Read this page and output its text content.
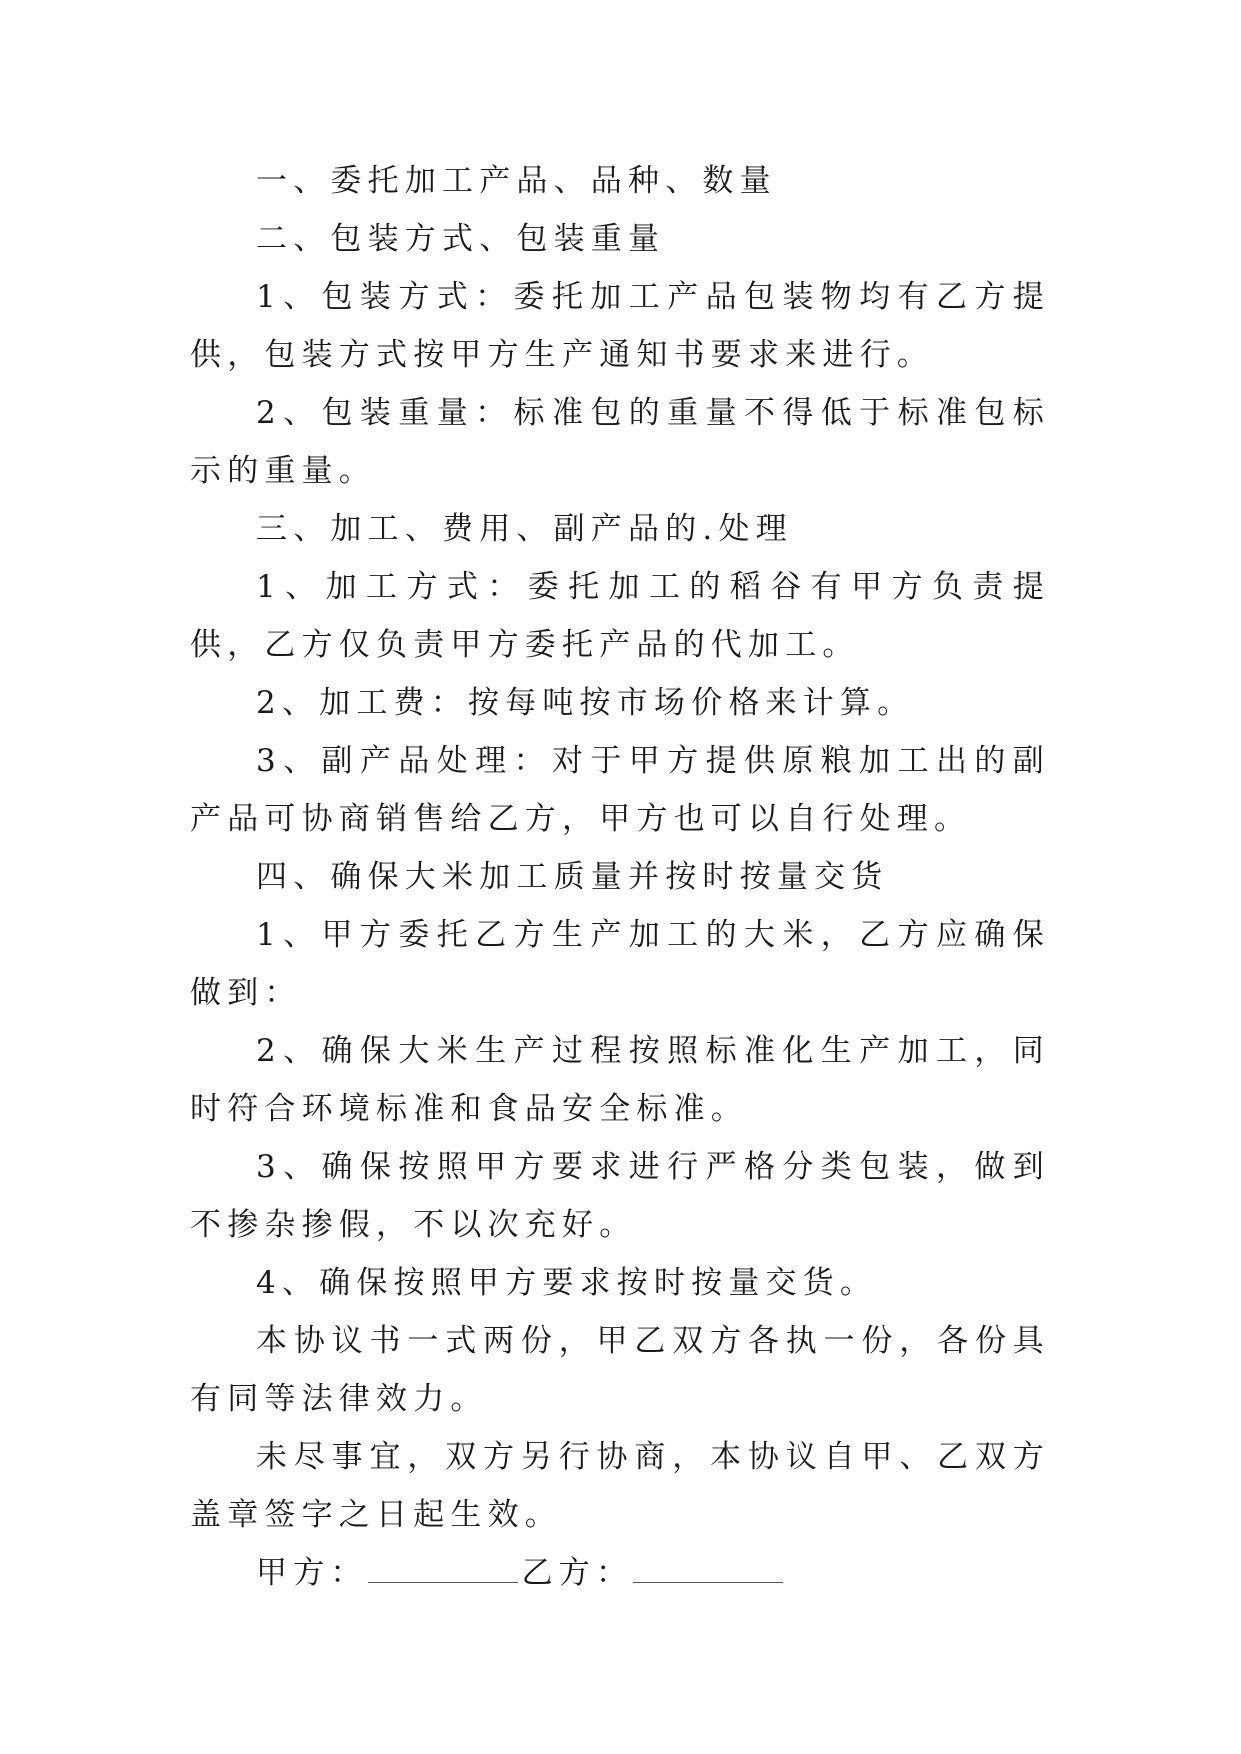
一、委托加工产品、品种、数量

二、包装方式、包装重量

1、包装方式：委托加工产品包装物均有乙方提供，包装方式按甲方生产通知书要求来进行。

2、包装重量：标准包的重量不得低于标准包标示的重量。

三、加工、费用、副产品的.处理

1、加工方式：委托加工的稻谷有甲方负责提供，乙方仅负责甲方委托产品的代加工。

2、加工费：按每吨按市场价格来计算。

3、副产品处理：对于甲方提供原粮加工出的副产品可协商销售给乙方，甲方也可以自行处理。

四、确保大米加工质量并按时按量交货

1、甲方委托乙方生产加工的大米，乙方应确保做到：

2、确保大米生产过程按照标准化生产加工，同时符合环境标准和食品安全标准。

3、确保按照甲方要求进行严格分类包装，做到不掺杂掺假，不以次充好。

4、确保按照甲方要求按时按量交货。

本协议书一式两份，甲乙双方各执一份，各份具有同等法律效力。

未尽事宜，双方另行协商，本协议自甲、乙双方盖章签字之日起生效。

甲方：	乙方：
